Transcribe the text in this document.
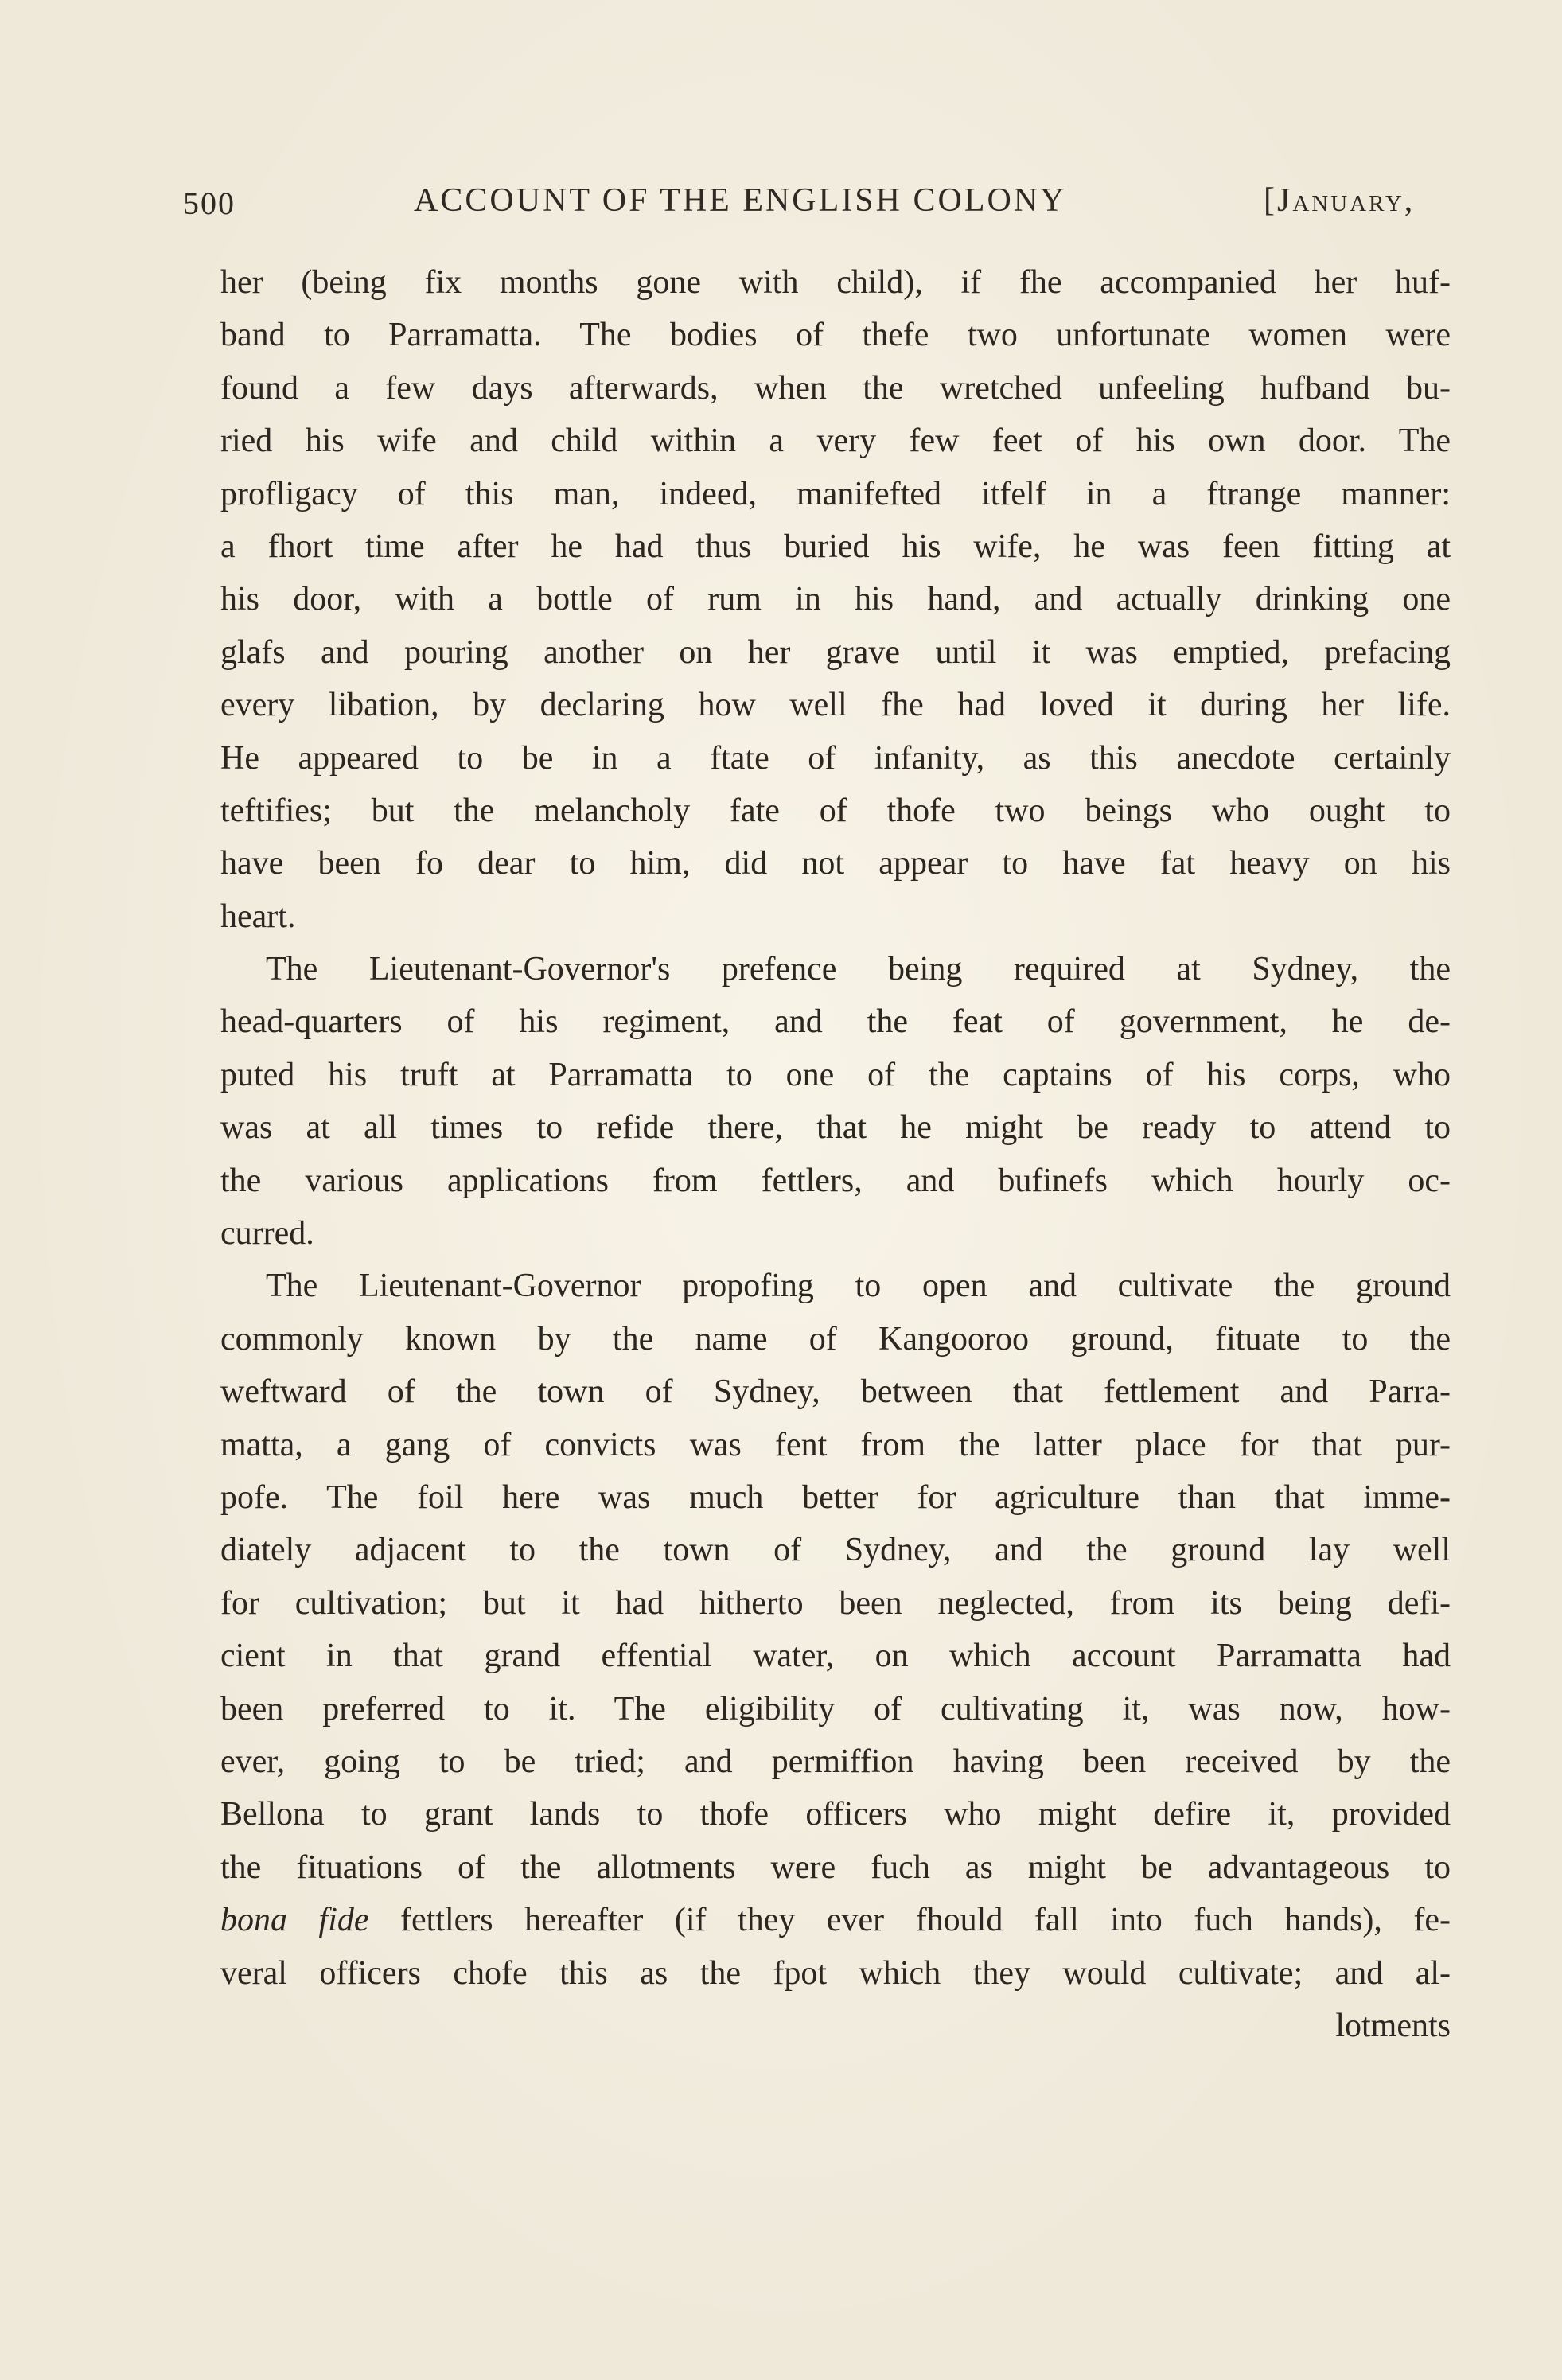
500	ACCOUNT OF THE ENGLISH COLONY	[January,
her (being fix months gone with child), if fhe accompanied her huf-
band to Parramatta. The bodies of thefe two unfortunate women were
found a few days afterwards, when the wretched unfeeling hufband bu-
ried his wife and child within a very few feet of his own door. The
profligacy of this man, indeed, manifefted itfelf in a ftrange manner:
a fhort time after he had thus buried his wife, he was feen fitting at
his door, with a bottle of rum in his hand, and actually drinking one
glafs and pouring another on her grave until it was emptied, prefacing
every libation, by declaring how well fhe had loved it during her life.
He appeared to be in a ftate of infanity, as this anecdote certainly
teftifies; but the melancholy fate of thofe two beings who ought to
have been fo dear to him, did not appear to have fat heavy on his
heart.
The Lieutenant-Governor's prefence being required at Sydney, the
head-quarters of his regiment, and the feat of government, he de-
puted his truft at Parramatta to one of the captains of his corps, who
was at all times to refide there, that he might be ready to attend to
the various applications from fettlers, and bufinefs which hourly oc-
curred.
The Lieutenant-Governor propofing to open and cultivate the ground
commonly known by the name of Kangooroo ground, fituate to the
weftward of the town of Sydney, between that fettlement and Parra-
matta, a gang of convicts was fent from the latter place for that pur-
pofe. The foil here was much better for agriculture than that imme-
diately adjacent to the town of Sydney, and the ground lay well
for cultivation; but it had hitherto been neglected, from its being defi-
cient in that grand effential water, on which account Parramatta had
been preferred to it. The eligibility of cultivating it, was now, how-
ever, going to be tried; and permiffion having been received by the
Bellona to grant lands to thofe officers who might defire it, provided
the fituations of the allotments were fuch as might be advantageous to
bona fide fettlers hereafter (if they ever fhould fall into fuch hands), fe-
veral officers chofe this as the fpot which they would cultivate; and al-
lotments
